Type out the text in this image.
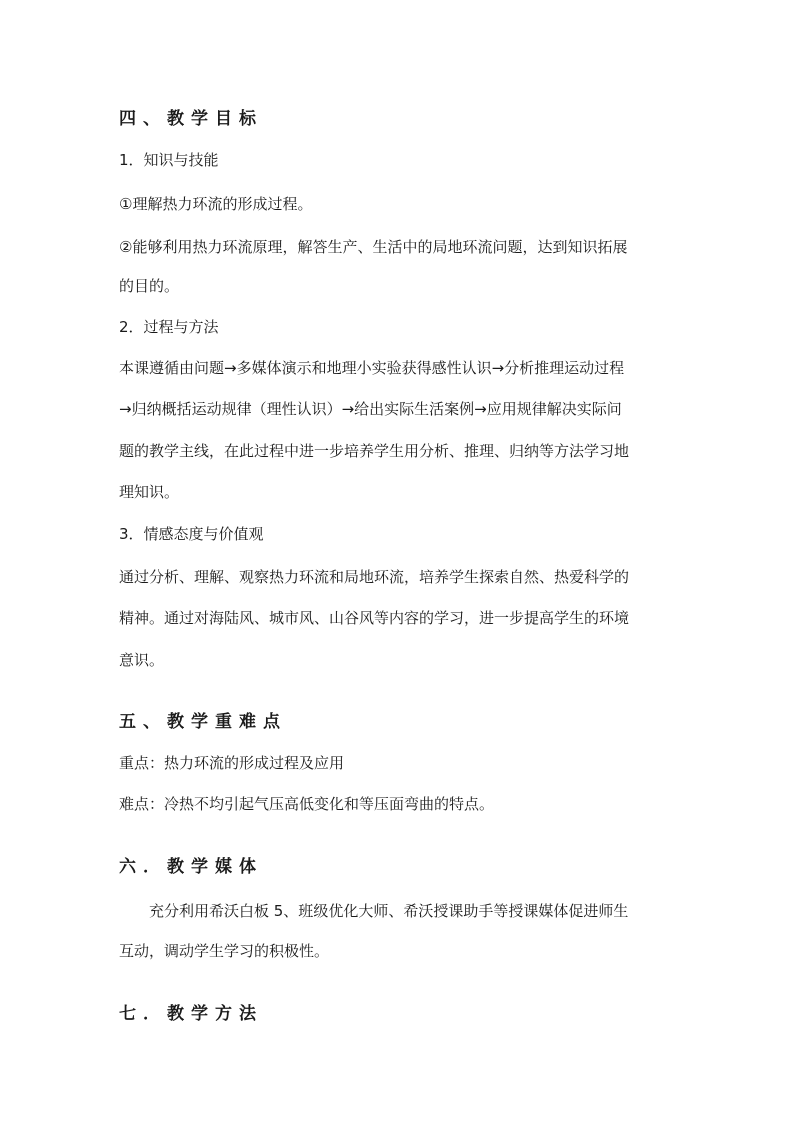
四、教学目标

1．知识与技能

①理解热力环流的形成过程。

②能够利用热力环流原理，解答生产、生活中的局地环流问题，达到知识拓展

的目的。

2．过程与方法

本课遵循由问题→多媒体演示和地理小实验获得感性认识→分析推理运动过程

→归纳概括运动规律（理性认识）→给出实际生活案例→应用规律解决实际问

题的教学主线，在此过程中进一步培养学生用分析、推理、归纳等方法学习地

理知识。

3．情感态度与价值观

通过分析、理解、观察热力环流和局地环流，培养学生探索自然、热爱科学的

精神。通过对海陆风、城市风、山谷风等内容的学习，进一步提高学生的环境

意识。

五、教学重难点

重点：热力环流的形成过程及应用

难点：冷热不均引起气压高低变化和等压面弯曲的特点。

六．教学媒体

充分利用希沃白板 5、班级优化大师、希沃授课助手等授课媒体促进师生

互动，调动学生学习的积极性。

七．教学方法
